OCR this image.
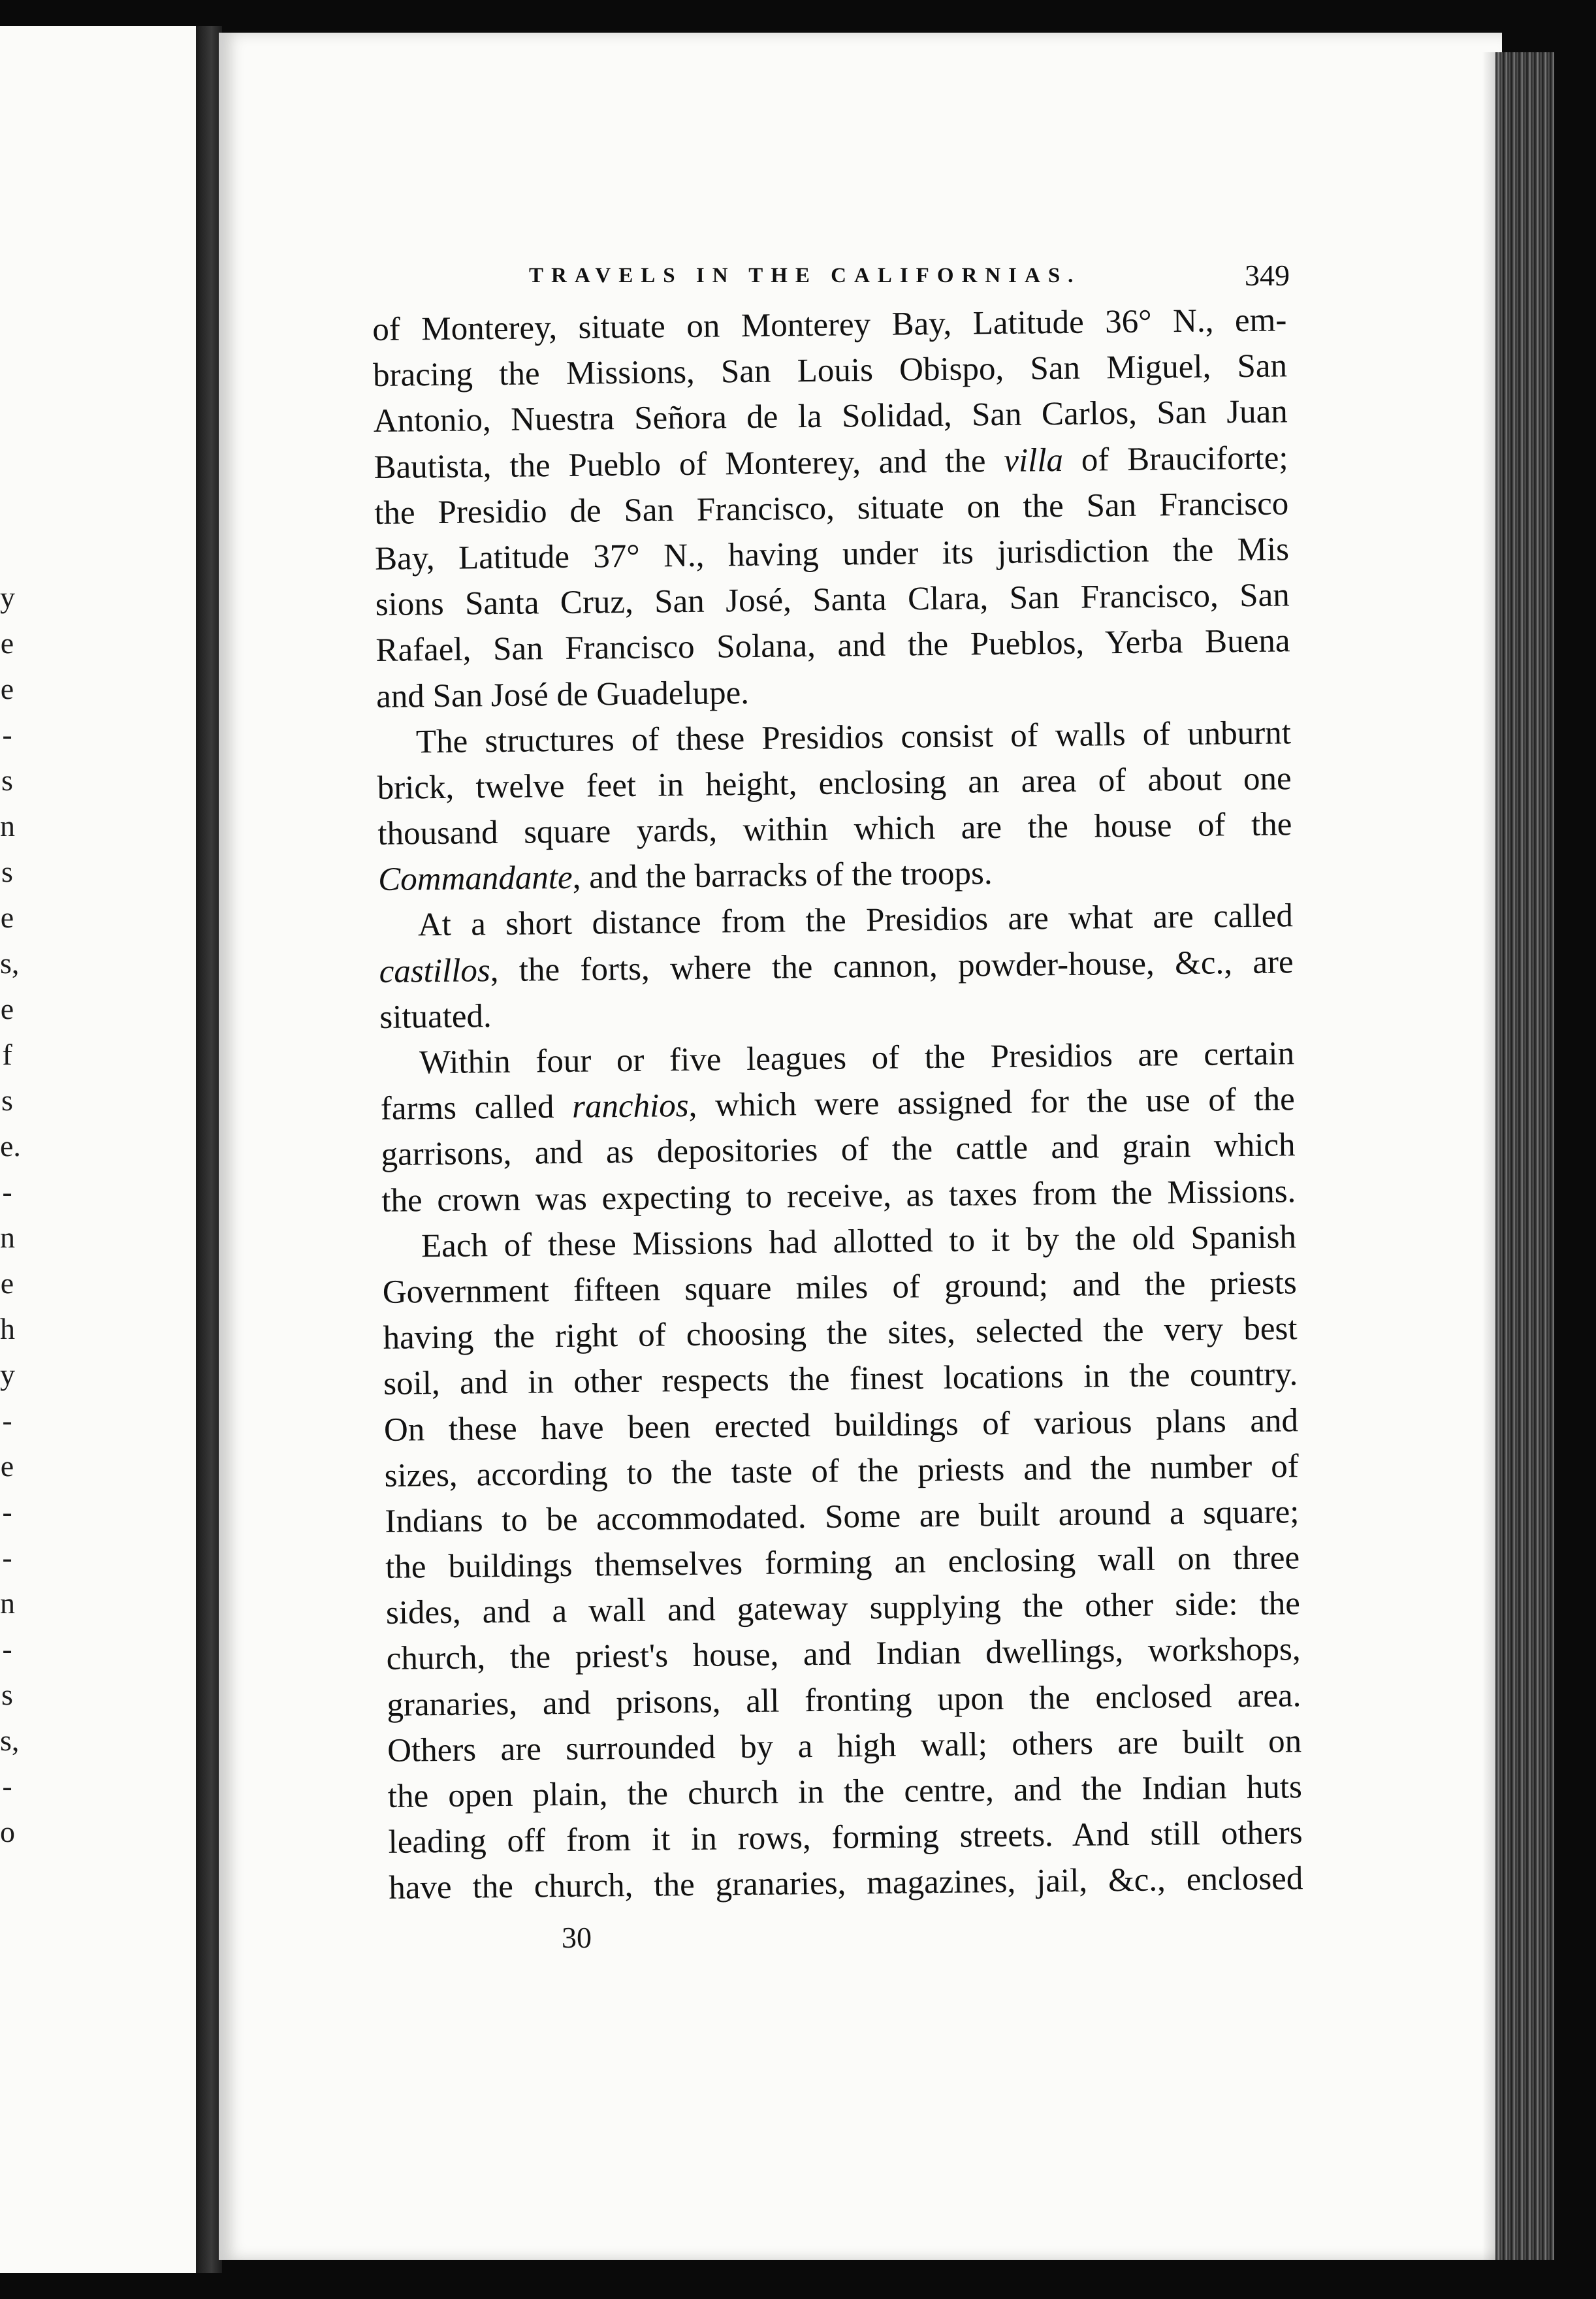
y
e
e
-
s
n
s
e
s,
e
f
s
e.
-
n
e
h
y
-
e
-
-
n
-
s
s,
-
o
TRAVELS IN THE CALIFORNIAS.	349
of Monterey, situate on Monterey Bay, Latitude 36° N., em-
bracing the Missions, San Louis Obispo, San Miguel, San
Antonio, Nuestra Señora de la Solidad, San Carlos, San Juan
Bautista, the Pueblo of Monterey, and the villa of Brauciforte;
the Presidio de San Francisco, situate on the San Francisco
Bay, Latitude 37° N., having under its jurisdiction the Mis
sions Santa Cruz, San José, Santa Clara, San Francisco, San
Rafael, San Francisco Solana, and the Pueblos, Yerba Buena
and San José de Guadelupe.
The structures of these Presidios consist of walls of unburnt
brick, twelve feet in height, enclosing an area of about one
thousand square yards, within which are the house of the
Commandante, and the barracks of the troops.
At a short distance from the Presidios are what are called
castillos, the forts, where the cannon, powder-house, &c., are
situated.
Within four or five leagues of the Presidios are certain
farms called ranchios, which were assigned for the use of the
garrisons, and as depositories of the cattle and grain which
the crown was expecting to receive, as taxes from the Missions.
Each of these Missions had allotted to it by the old Spanish
Government fifteen square miles of ground; and the priests
having the right of choosing the sites, selected the very best
soil, and in other respects the finest locations in the country.
On these have been erected buildings of various plans and
sizes, according to the taste of the priests and the number of
Indians to be accommodated. Some are built around a square;
the buildings themselves forming an enclosing wall on three
sides, and a wall and gateway supplying the other side: the
church, the priest's house, and Indian dwellings, workshops,
granaries, and prisons, all fronting upon the enclosed area.
Others are surrounded by a high wall; others are built on
the open plain, the church in the centre, and the Indian huts
leading off from it in rows, forming streets. And still others
have the church, the granaries, magazines, jail, &c., enclosed
30
